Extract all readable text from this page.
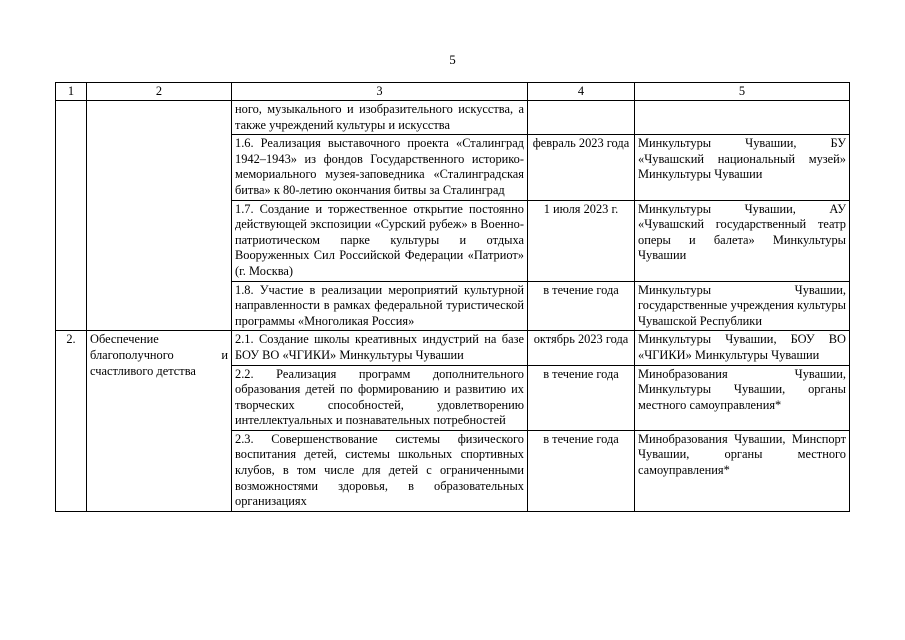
5
1	2	3	4	5
		ного, музыкального и изобразительного искусства, а также учреждений культуры и искусства		
		1.6. Реализация выставочного проекта «Сталинград 1942–1943» из фондов Государственного историко-мемориального музея-заповедника «Сталинградская битва» к 80-летию окончания битвы за Сталинград	февраль 2023 года	Минкультуры Чувашии, БУ «Чувашский национальный музей» Минкультуры Чувашии
		1.7. Создание и торжественное открытие постоянно действующей экспозиции «Сурский рубеж» в Военно-патриотическом парке культуры и отдыха Вооруженных Сил Российской Федерации «Патриот» (г. Москва)	1 июля 2023 г.	Минкультуры Чувашии, АУ «Чувашский государственный театр оперы и балета» Минкультуры Чувашии
		1.8. Участие в реализации мероприятий культурной направленности в рамках федеральной туристической программы «Многоликая Россия»	в течение года	Минкультуры Чувашии, государственные учреждения культуры Чувашской Республики
2.	Обеспечение благополучного и счастливого детства	2.1. Создание школы креативных индустрий на базе БОУ ВО «ЧГИКИ» Минкультуры Чувашии	октябрь 2023 года	Минкультуры Чувашии, БОУ ВО «ЧГИКИ» Минкультуры Чувашии
		2.2. Реализация программ дополнительного образования детей по формированию и развитию их творческих способностей, удовлетворению интеллектуальных и познавательных потребностей	в течение года	Минобразования Чувашии, Минкультуры Чувашии, органы местного самоуправления*
		2.3. Совершенствование системы физического воспитания детей, системы школьных спортивных клубов, в том числе для детей с ограниченными возможностями здоровья, в образовательных организациях	в течение года	Минобразования Чувашии, Минспорт Чувашии, органы местного самоуправления*
